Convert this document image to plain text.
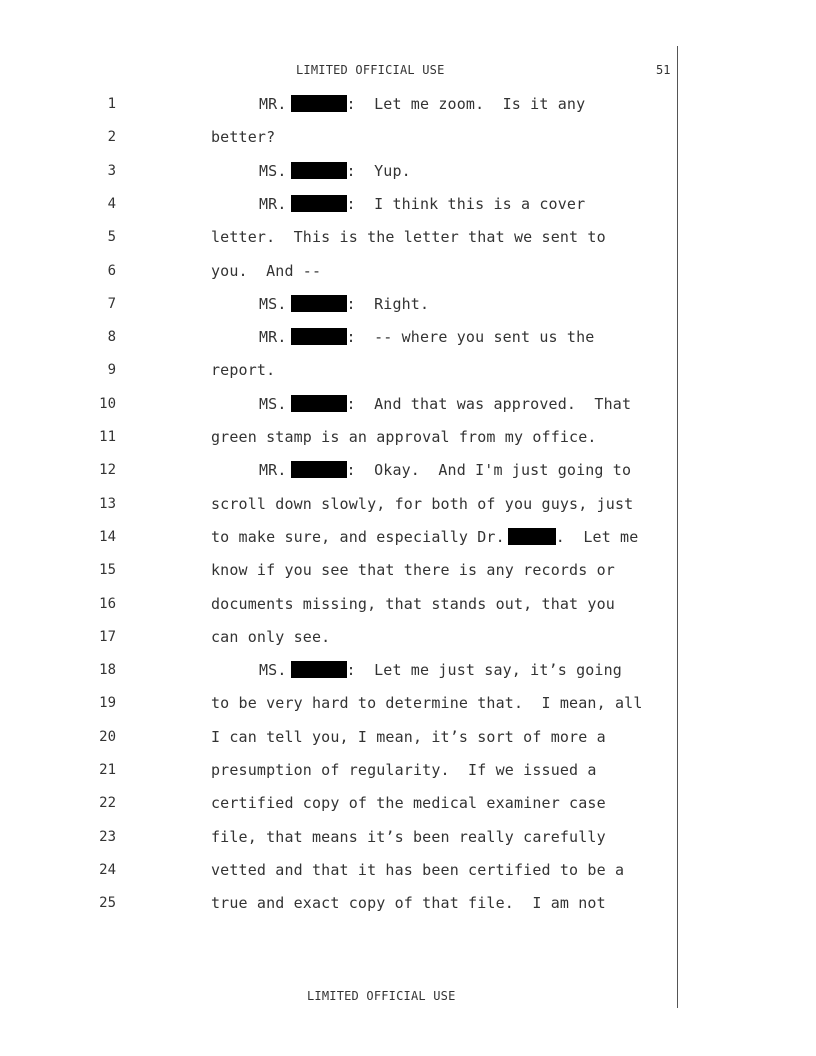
LIMITED OFFICIAL USE	51
1	MR.	:  Let me zoom.  Is it any
2	better?
3	MS.	:  Yup.
4	MR.	:  I think this is a cover
5	letter.  This is the letter that we sent to
6	you.  And --
7	MS.	:  Right.
8	MR.	:  -- where you sent us the
9	report.
10	MS.	:  And that was approved.  That
11	green stamp is an approval from my office.
12	MR.	:  Okay.  And I'm just going to
13	scroll down slowly, for both of you guys, just
14	to make sure, and especially Dr.	.  Let me
15	know if you see that there is any records or
16	documents missing, that stands out, that you
17	can only see.
18	MS.	:  Let me just say, it’s going
19	to be very hard to determine that.  I mean, all
20	I can tell you, I mean, it’s sort of more a
21	presumption of regularity.  If we issued a
22	certified copy of the medical examiner case
23	file, that means it’s been really carefully
24	vetted and that it has been certified to be a
25	true and exact copy of that file.  I am not
LIMITED OFFICIAL USE
